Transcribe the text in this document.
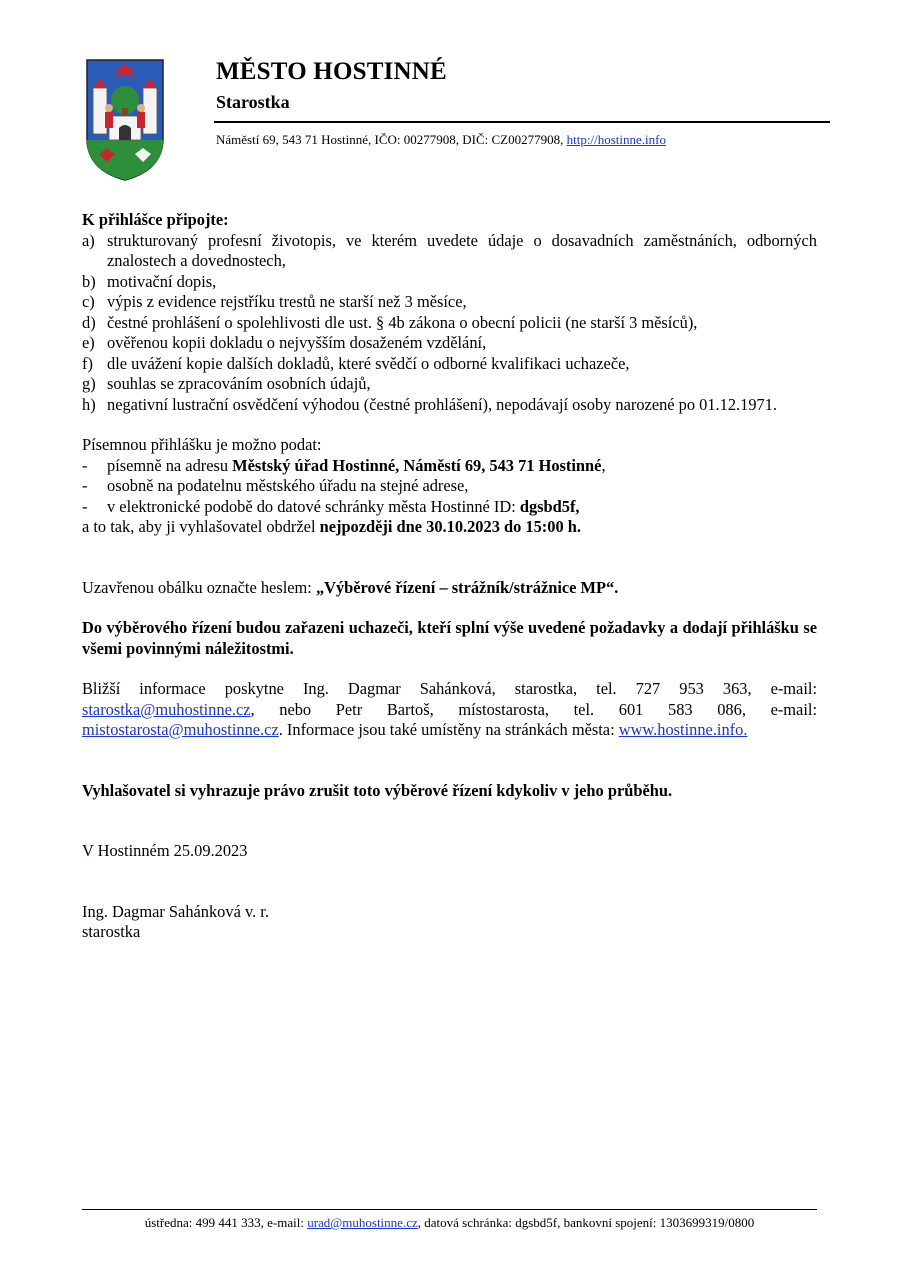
MĚSTO HOSTINNÉ
Starostka
Náměstí 69, 543 71 Hostinné, IČO: 00277908, DIČ: CZ00277908, http://hostinne.info

K přihlášce připojte:

a) strukturovaný profesní životopis, ve kterém uvedete údaje o dosavadních zaměstnáních, odborných znalostech a dovednostech,
b) motivační dopis,
c) výpis z evidence rejstříku trestů ne starší než 3 měsíce,
d) čestné prohlášení o spolehlivosti dle ust. § 4b zákona o obecní policii (ne starší 3 měsíců),
e) ověřenou kopii dokladu o nejvyšším dosaženém vzdělání,
f) dle uvážení kopie dalších dokladů, které svědčí o odborné kvalifikaci uchazeče,
g) souhlas se zpracováním osobních údajů,
h) negativní lustrační osvědčení výhodou (čestné prohlášení), nepodávají osoby narozené po 01.12.1971.

Písemnou přihlášku je možno podat:

- písemně na adresu Městský úřad Hostinné, Náměstí 69, 543 71 Hostinné,
- osobně na podatelnu městského úřadu na stejné adrese,
- v elektronické podobě do datové schránky města Hostinné ID: dgsbd5f,

a to tak, aby ji vyhlašovatel obdržel nejpozději dne 30.10.2023 do 15:00 h.

Uzavřenou obálku označte heslem: „Výběrové řízení – strážník/strážnice MP“.

Do výběrového řízení budou zařazeni uchazeči, kteří splní výše uvedené požadavky a dodají přihlášku se všemi povinnými náležitostmi.

Bližší informace poskytne Ing. Dagmar Sahánková, starostka, tel. 727 953 363, e-mail: starostka@muhostinne.cz, nebo Petr Bartoš, místostarosta, tel. 601 583 086, e-mail: mistostarosta@muhostinne.cz. Informace jsou také umístěny na stránkách města: www.hostinne.info.

Vyhlašovatel si vyhrazuje právo zrušit toto výběrové řízení kdykoliv v jeho průběhu.

V Hostinném 25.09.2023

Ing. Dagmar Sahánková v. r.

starostka

ústředna: 499 441 333, e-mail: urad@muhostinne.cz, datová schránka: dgsbd5f, bankovní spojení: 1303699319/0800
